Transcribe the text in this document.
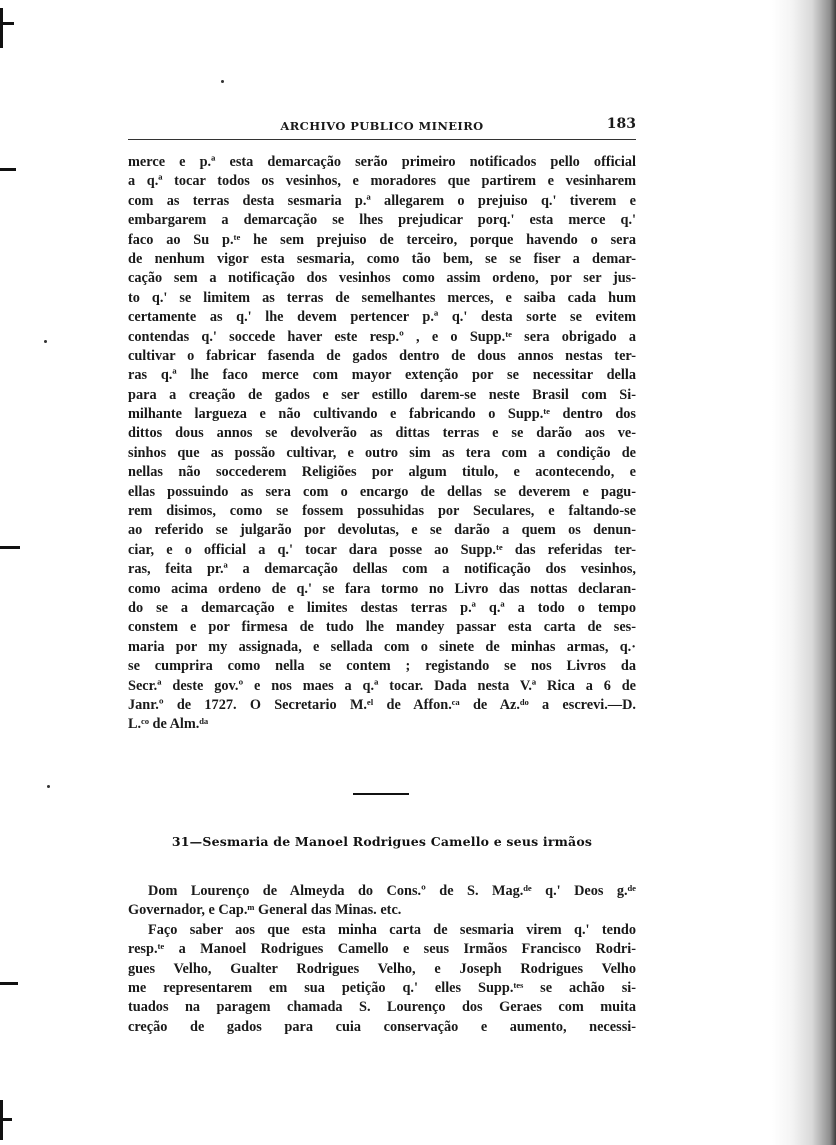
ARCHIVO PUBLICO MINEIRO	183
merce e p.ª esta demarcação serão primeiro notificados pello official
a q.ª tocar todos os vesinhos, e moradores que partirem e vesinharem
com as terras desta sesmaria p.ª allegarem o prejuiso q.' tiverem e
embargarem a demarcação se lhes prejudicar porq.' esta merce q.'
faco ao Su p.ᵗᵉ he sem prejuiso de terceiro, porque havendo o sera
de nenhum vigor esta sesmaria, como tão bem, se se fiser a demar-
cação sem a notificação dos vesinhos como assim ordeno, por ser jus-
to q.' se limitem as terras de semelhantes merces, e saiba cada hum
certamente as q.' lhe devem pertencer p.ª q.' desta sorte se evitem
contendas q.' soccede haver este resp.º , e o Supp.ᵗᵉ sera obrigado a
cultivar o fabricar fasenda de gados dentro de dous annos nestas ter-
ras q.ª lhe faco merce com mayor extenção por se necessitar della
para a creação de gados e ser estillo darem-se neste Brasil com Si-
milhante largueza e não cultivando e fabricando o Supp.ᵗᵉ dentro dos
dittos dous annos se devolverão as dittas terras e se darão aos ve-
sinhos que as possão cultivar, e outro sim as tera com a condição de
nellas não soccederem Religiões por algum titulo, e acontecendo, e
ellas possuindo as sera com o encargo de dellas se deverem e pagu-
rem disimos, como se fossem possuhidas por Seculares, e faltando-se
ao referido se julgarão por devolutas, e se darão a quem os denun-
ciar, e o official a q.' tocar dara posse ao Supp.ᵗᵉ das referidas ter-
ras, feita pr.ª a demarcação dellas com a notificação dos vesinhos,
como acima ordeno de q.' se fara tormo no Livro das nottas declaran-
do se a demarcação e limites destas terras p.ª q.ª a todo o tempo
constem e por firmesa de tudo lhe mandey passar esta carta de ses-
maria por my assignada, e sellada com o sinete de minhas armas, q.·
se cumprira como nella se contem ; registando se nos Livros da
Secr.ª deste gov.º e nos maes a q.ª tocar. Dada nesta V.ª Rica a 6 de
Janr.º de 1727. O Secretario M.ᵉˡ de Affon.ᶜᵃ de Az.ᵈᵒ a escrevi.—D.
L.ᶜᵒ de Alm.ᵈᵃ
31—Sesmaria de Manoel Rodrigues Camello e seus irmãos
Dom Lourenço de Almeyda do Cons.º de S. Mag.ᵈᵉ q.' Deos g.ᵈᵉ
Governador, e Cap.ᵐ General das Minas. etc.
Faço saber aos que esta minha carta de sesmaria virem q.' tendo
resp.ᵗᵉ a Manoel Rodrigues Camello e seus Irmãos Francisco Rodri-
gues Velho, Gualter Rodrigues Velho, e Joseph Rodrigues Velho
me representarem em sua petição q.' elles Supp.ᵗᵉˢ se achão si-
tuados na paragem chamada S. Lourenço dos Geraes com muita
creção de gados para cuia conservação e aumento, necessi-
